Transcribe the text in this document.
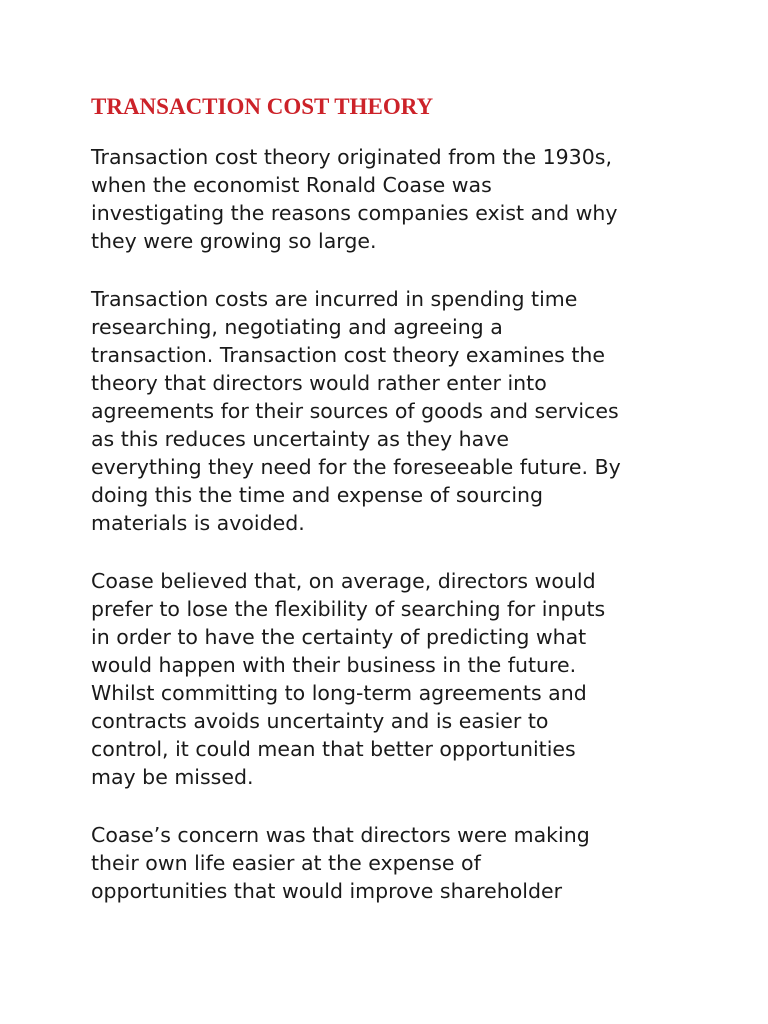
TRANSACTION COST THEORY
Transaction cost theory originated from the 1930s,
when the economist Ronald Coase was
investigating the reasons companies exist and why
they were growing so large.
Transaction costs are incurred in spending time
researching, negotiating and agreeing a
transaction. Transaction cost theory examines the
theory that directors would rather enter into
agreements for their sources of goods and services
as this reduces uncertainty as they have
everything they need for the foreseeable future. By
doing this the time and expense of sourcing
materials is avoided.
Coase believed that, on average, directors would
prefer to lose the flexibility of searching for inputs
in order to have the certainty of predicting what
would happen with their business in the future.
Whilst committing to long-term agreements and
contracts avoids uncertainty and is easier to
control, it could mean that better opportunities
may be missed.
Coase’s concern was that directors were making
their own life easier at the expense of
opportunities that would improve shareholder
